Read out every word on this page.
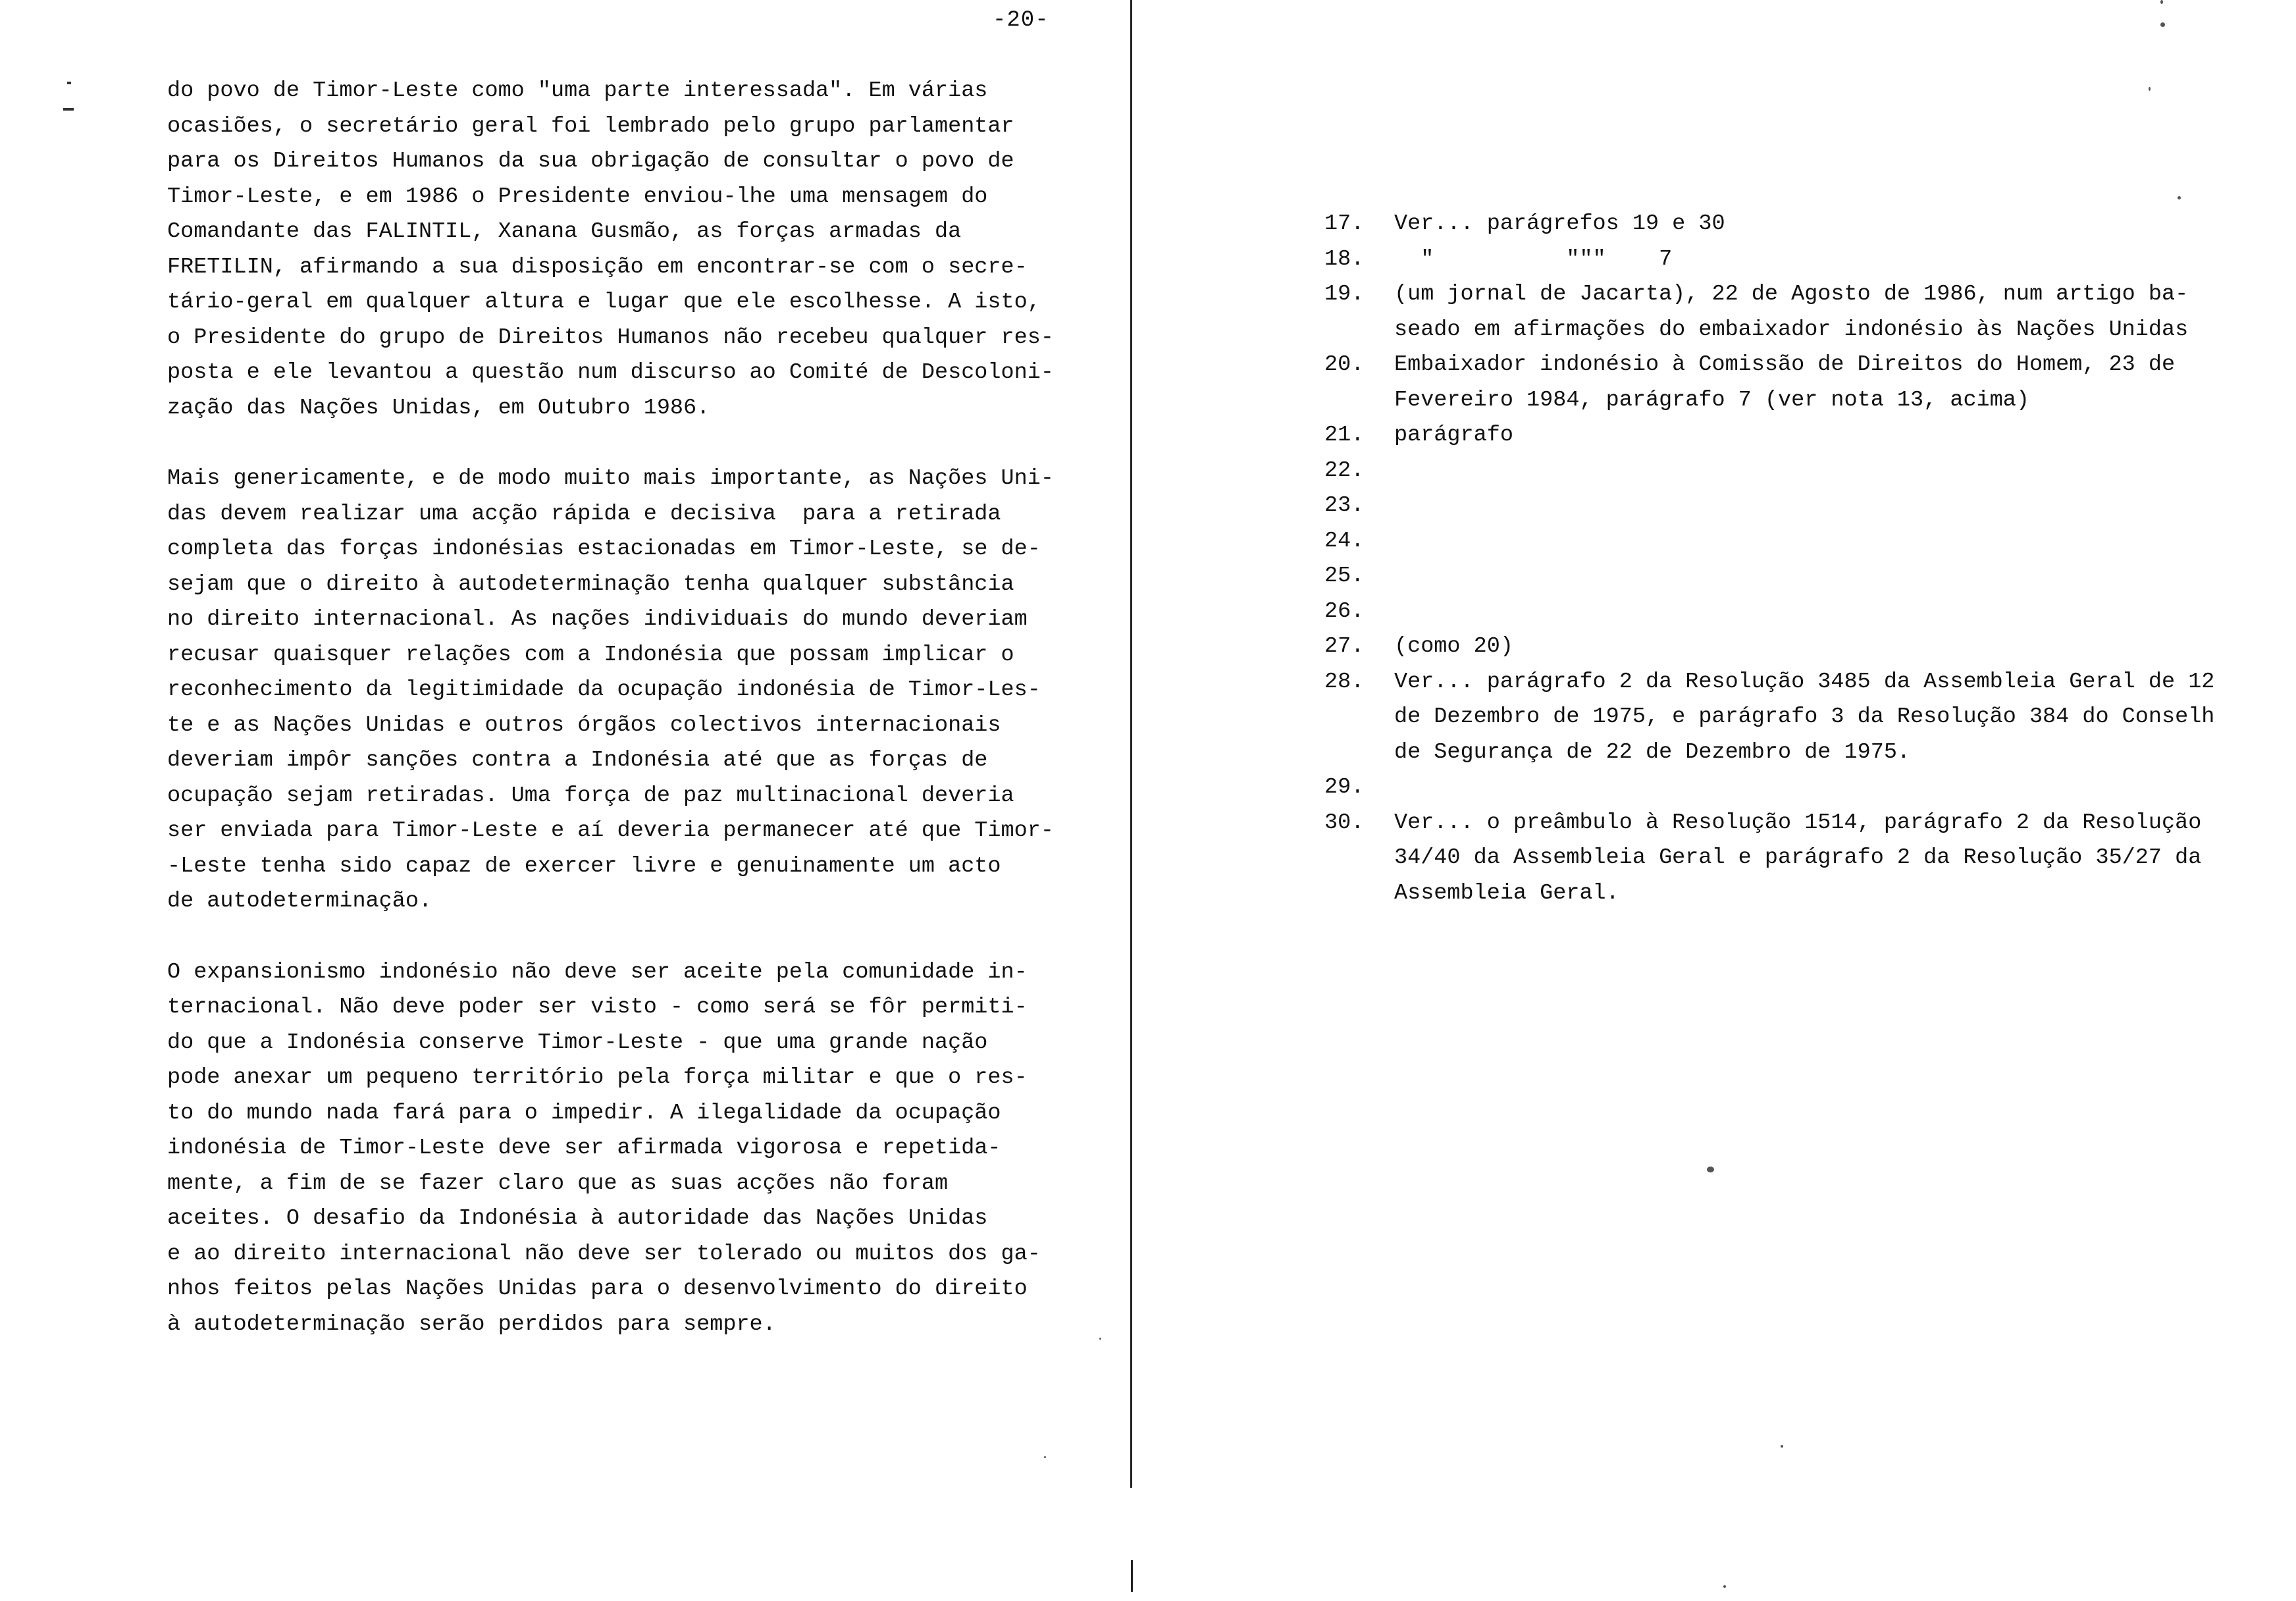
-20-
do povo de Timor-Leste como "uma parte interessada". Em várias
ocasiões, o secretário geral foi lembrado pelo grupo parlamentar
para os Direitos Humanos da sua obrigação de consultar o povo de
Timor-Leste, e em 1986 o Presidente enviou-lhe uma mensagem do
Comandante das FALINTIL, Xanana Gusmão, as forças armadas da
FRETILIN, afirmando a sua disposição em encontrar-se com o secre-
tário-geral em qualquer altura e lugar que ele escolhesse. A isto,
o Presidente do grupo de Direitos Humanos não recebeu qualquer res-
posta e ele levantou a questão num discurso ao Comité de Descoloni-
zação das Nações Unidas, em Outubro 1986.
Mais genericamente, e de modo muito mais importante, as Nações Uni-
das devem realizar uma acção rápida e decisiva  para a retirada
completa das forças indonésias estacionadas em Timor-Leste, se de-
sejam que o direito à autodeterminação tenha qualquer substância
no direito internacional. As nações individuais do mundo deveriam
recusar quaisquer relações com a Indonésia que possam implicar o
reconhecimento da legitimidade da ocupação indonésia de Timor-Les-
te e as Nações Unidas e outros órgãos colectivos internacionais
deveriam impôr sanções contra a Indonésia até que as forças de
ocupação sejam retiradas. Uma força de paz multinacional deveria
ser enviada para Timor-Leste e aí deveria permanecer até que Timor-
-Leste tenha sido capaz de exercer livre e genuinamente um acto
de autodeterminação.
O expansionismo indonésio não deve ser aceite pela comunidade in-
ternacional. Não deve poder ser visto - como será se fôr permiti-
do que a Indonésia conserve Timor-Leste - que uma grande nação
pode anexar um pequeno território pela força militar e que o res-
to do mundo nada fará para o impedir. A ilegalidade da ocupação
indonésia de Timor-Leste deve ser afirmada vigorosa e repetida-
mente, a fim de se fazer claro que as suas acções não foram
aceites. O desafio da Indonésia à autoridade das Nações Unidas
e ao direito internacional não deve ser tolerado ou muitos dos ga-
nhos feitos pelas Nações Unidas para o desenvolvimento do direito
à autodeterminação serão perdidos para sempre.
17.	Ver... parágrefos 19 e 30
18.	"          """    7
19.	(um jornal de Jacarta), 22 de Agosto de 1986, num artigo ba-
seado em afirmações do embaixador indonésio às Nações Unidas
20.	Embaixador indonésio à Comissão de Direitos do Homem, 23 de
Fevereiro 1984, parágrafo 7 (ver nota 13, acima)
21.	parágrafo
22.
23.
24.
25.
26.
27.	(como 20)
28.	Ver... parágrafo 2 da Resolução 3485 da Assembleia Geral de 12
de Dezembro de 1975, e parágrafo 3 da Resolução 384 do Conselh
de Segurança de 22 de Dezembro de 1975.
29.
30.	Ver... o preâmbulo à Resolução 1514, parágrafo 2 da Resolução
34/40 da Assembleia Geral e parágrafo 2 da Resolução 35/27 da
Assembleia Geral.
